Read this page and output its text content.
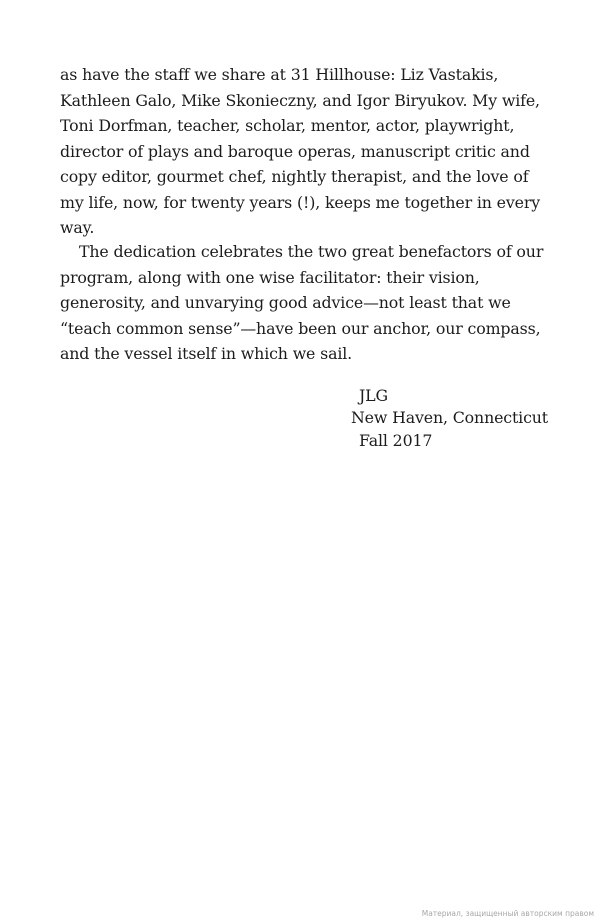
as have the staff we share at 31 Hillhouse: Liz Vastakis,
Kathleen Galo, Mike Skonieczny, and Igor Biryukov. My wife,
Toni Dorfman, teacher, scholar, mentor, actor, playwright,
director of plays and baroque operas, manuscript critic and
copy editor, gourmet chef, nightly therapist, and the love of
my life, now, for twenty years (!), keeps me together in every
way.

The dedication celebrates the two great benefactors of our
program, along with one wise facilitator: their vision,
generosity, and unvarying good advice—not least that we
“teach common sense”—have been our anchor, our compass,
and the vessel itself in which we sail.

JLG
New Haven, Connecticut
Fall 2017
Материал, защищенный авторским правом
